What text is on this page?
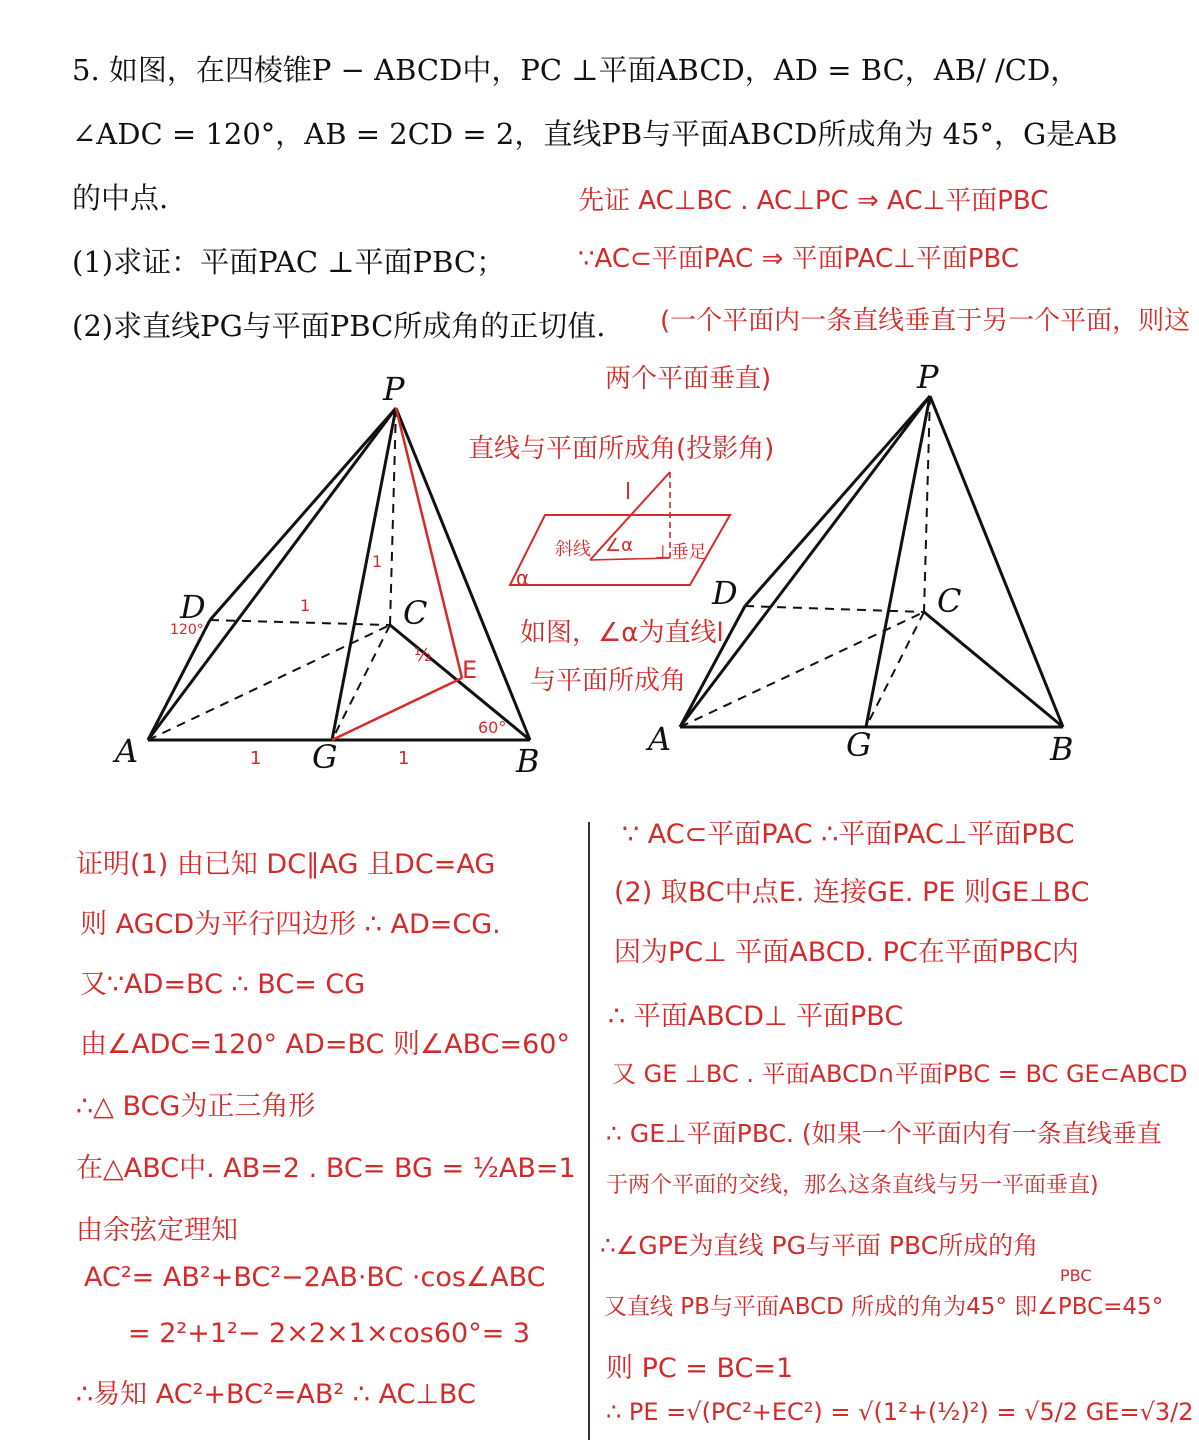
5. 如图，在四棱锥P − ABCD中，PC ⊥平面ABCD，AD = BC，AB/ /CD，
∠ADC = 120°，AB = 2CD = 2，直线PB与平面ABCD所成角为 45°，G是AB
的中点.
(1)求证：平面PAC ⊥平面PBC；
(2)求直线PG与平面PBC所成角的正切值.
先证 AC⊥BC . AC⊥PC ⇒ AC⊥平面PBC
∵AC⊂平面PAC ⇒ 平面PAC⊥平面PBC
(一个平面内一条直线垂直于另一个平面，则这
两个平面垂直)
直线与平面所成角(投影角)
如图，∠α为直线l
与平面所成角
l
斜线 ∠α ⊥垂足
α
P
D	C
A	G	B
E
120°
60°
1
1	1
1
½
P
D	C
A	G	B
证明(1) 由已知 DC∥AG 且DC=AG
则 AGCD为平行四边形 ∴ AD=CG.
又∵AD=BC ∴ BC= CG
由∠ADC=120° AD=BC 则∠ABC=60°
∴△ BCG为正三角形
在△ABC中. AB=2 . BC= BG = ½AB=1
由余弦定理知
AC²= AB²+BC²−2AB·BC ·cos∠ABC
= 2²+1²− 2×2×1×cos60°= 3
∴易知 AC²+BC²=AB² ∴ AC⊥BC
∵ AC⊂平面PAC ∴平面PAC⊥平面PBC
(2) 取BC中点E. 连接GE. PE 则GE⊥BC
因为PC⊥ 平面ABCD. PC在平面PBC内
∴ 平面ABCD⊥ 平面PBC
又 GE ⊥BC . 平面ABCD∩平面PBC = BC GE⊂ABCD
∴ GE⊥平面PBC. (如果一个平面内有一条直线垂直
于两个平面的交线，那么这条直线与另一平面垂直)
∴∠GPE为直线 PG与平面 PBC所成的角
PBC
又直线 PB与平面ABCD 所成的角为45° 即∠PBC=45°
则 PC = BC=1
∴ PE =√(PC²+EC²) = √(1²+(½)²) = √5/2 GE=√3/2
